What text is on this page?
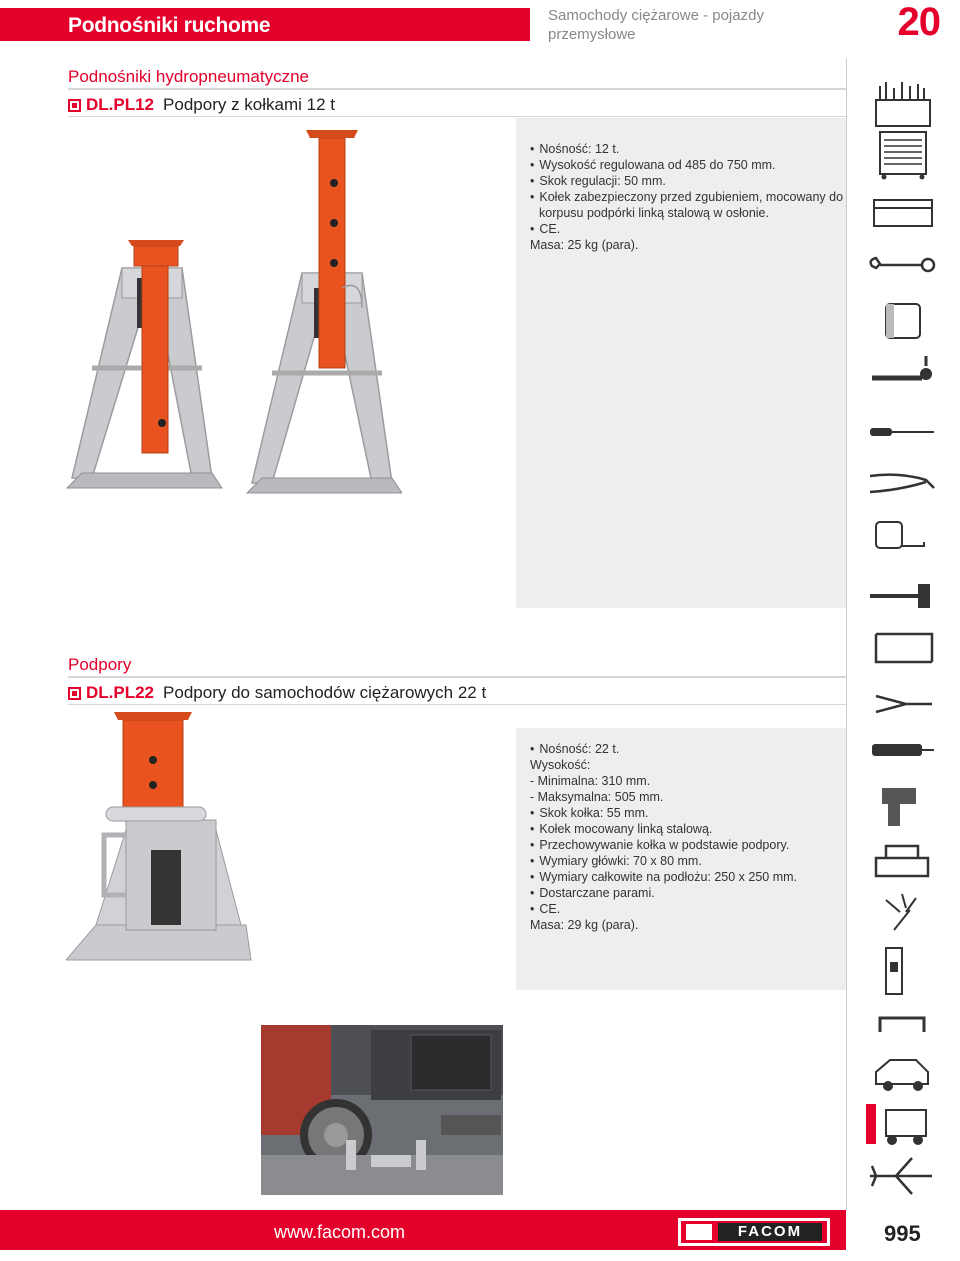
Podnośniki ruchome	Samochody ciężarowe - pojazdy przemysłowe	20
Podnośniki hydropneumatyczne
DL.PL12 Podpory z kołkami 12 t
• Nośność: 12 t.
• Wysokość regulowana od 485 do 750 mm.
• Skok regulacji: 50 mm.
• Kołek zabezpieczony przed zgubieniem, mocowany do
korpusu podpórki linką stalową w osłonie.
• CE.
Masa: 25 kg (para).
Podpory
DL.PL22 Podpory do samochodów ciężarowych 22 t
• Nośność: 22 t.
Wysokość:
- Minimalna: 310 mm.
- Maksymalna: 505 mm.
• Skok kołka: 55 mm.
• Kołek mocowany linką stalową.
• Przechowywanie kołka w podstawie podpory.
• Wymiary główki: 70 x 80 mm.
• Wymiary całkowite na podłożu: 250 x 250 mm.
• Dostarczane parami.
• CE.
Masa: 29 kg (para).
www.facom.com	FACOM	995
